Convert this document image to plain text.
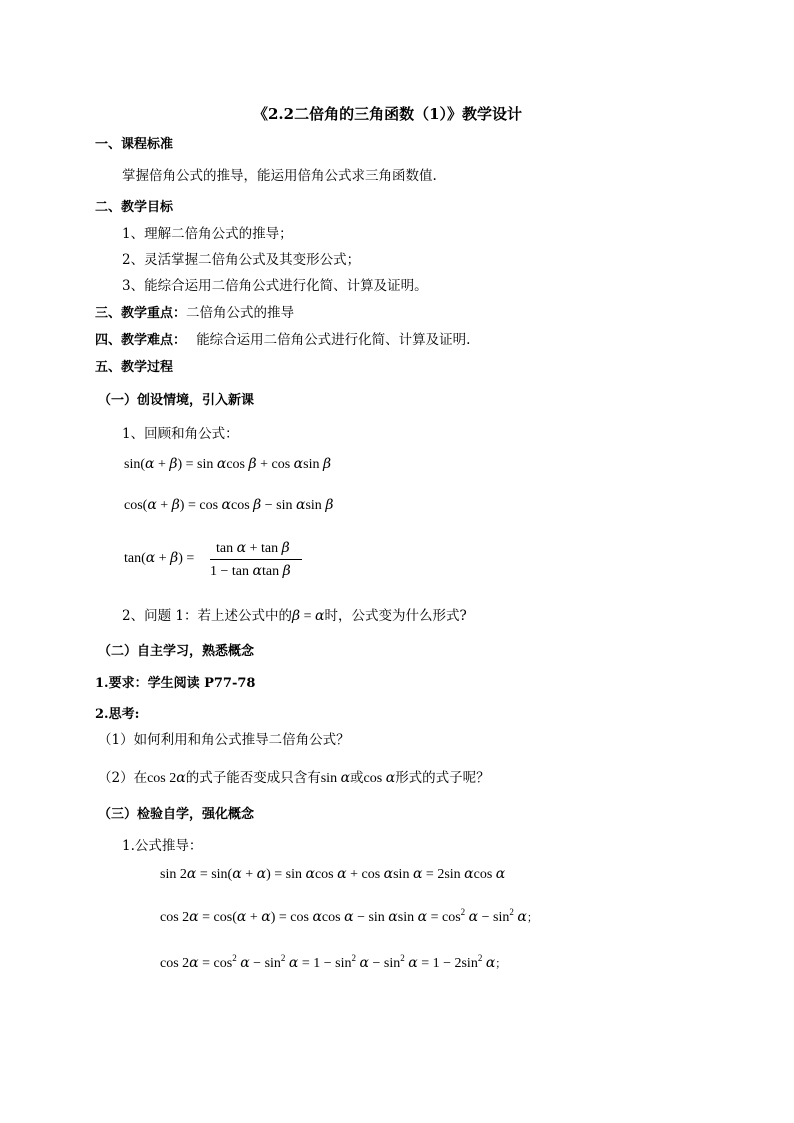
《2.2二倍角的三角函数（1）》教学设计
一、课程标准
掌握倍角公式的推导，能运用倍角公式求三角函数值.
二、教学目标
1、理解二倍角公式的推导；
2、灵活掌握二倍角公式及其变形公式；
3、能综合运用二倍角公式进行化简、计算及证明。
三、教学重点：二倍角公式的推导
四、教学难点： 能综合运用二倍角公式进行化简、计算及证明.
五、教学过程
（一）创设情境，引入新课
1、回顾和角公式：
sin(α + β) = sin αcos β + cos αsin β
cos(α + β) = cos αcos β − sin αsin β
tan(α + β) =
tan α + tan β
1 − tan αtan β
2、问题 1：若上述公式中的β = α时，公式变为什么形式?
（二）自主学习，熟悉概念
1.要求：学生阅读 P77-78
2.思考:
（1）如何利用和角公式推导二倍角公式？
（2）在cos 2α的式子能否变成只含有sin α或cos α形式的式子呢？
（三）检验自学，强化概念
1.公式推导：
sin 2α = sin(α + α) = sin αcos α + cos αsin α = 2sin αcos α
cos 2α = cos(α + α) = cos αcos α − sin αsin $\alpha = \cos^2 \alpha - \sin^2 \alpha$；
$\cos 2\alpha = \cos^2 \alpha - \sin^2 \alpha = 1 - \sin^2 \alpha - \sin^2 \alpha = 1 - 2\sin^2$ α；
